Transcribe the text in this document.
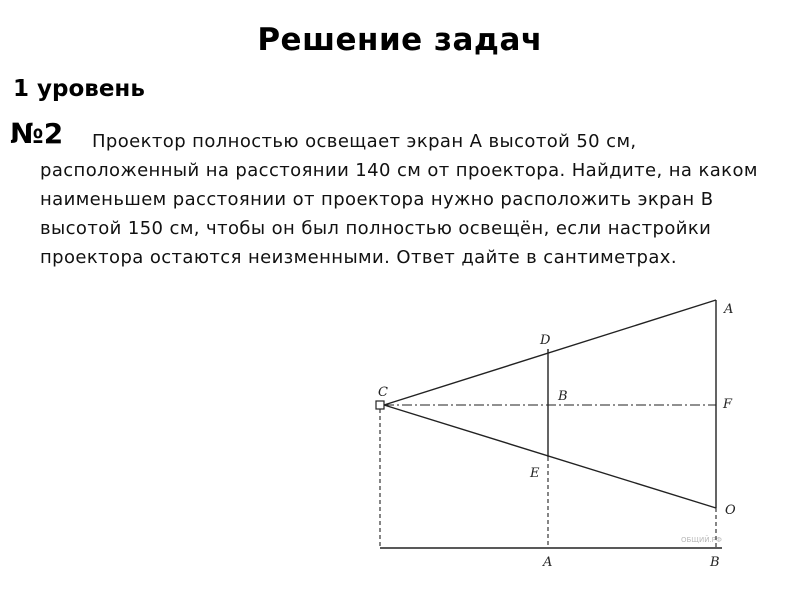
Решение задач
1 уровень
№2	Проектор полностью освещает экран А высотой 50 см, расположенный на расстоянии 140 см от проектора. Найдите, на каком наименьшем расстоянии от проектора нужно расположить экран В высотой 150 см, чтобы он был полностью освещён, если настройки проектора остаются неизменными. Ответ дайте в сантиметрах.
C
D
B
E
A
F
O
A	B
ОБЩИЙ.РФ
